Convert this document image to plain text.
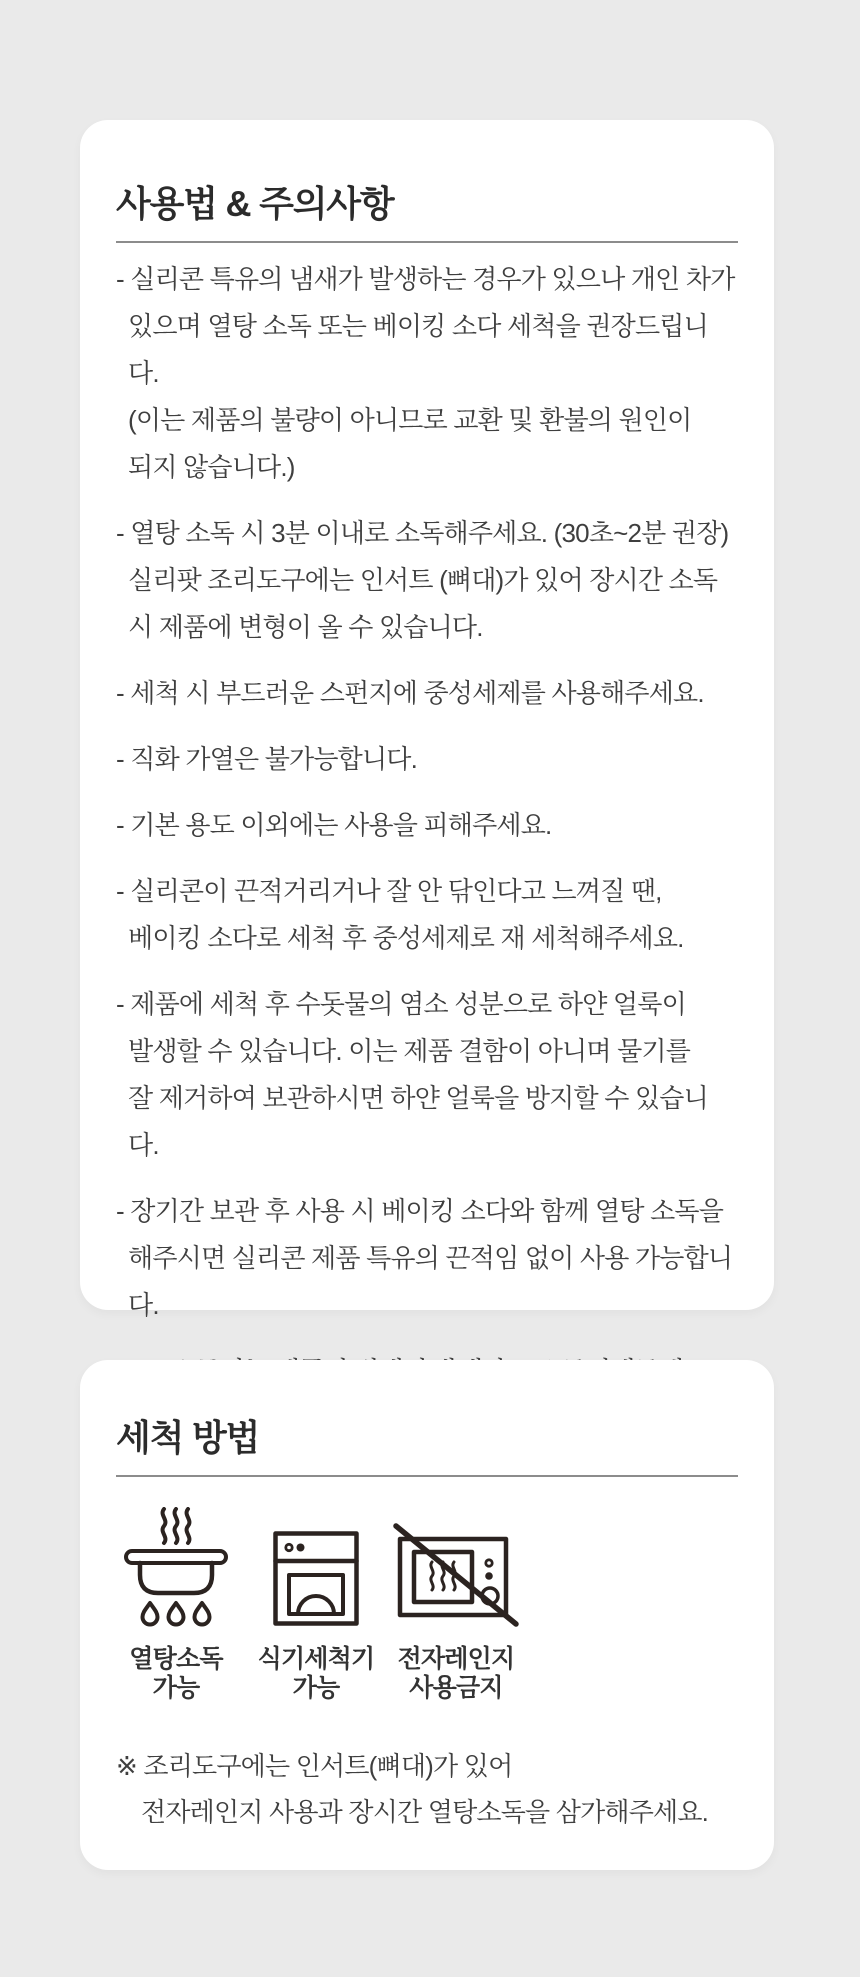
사용법 & 주의사항
- 실리콘 특유의 냄새가 발생하는 경우가 있으나 개인 차가
있으며 열탕 소독 또는 베이킹 소다 세척을 권장드립니다.
(이는 제품의 불량이 아니므로 교환 및 환불의 원인이
되지 않습니다.)
- 열탕 소독 시 3분 이내로 소독해주세요. (30초~2분 권장)
실리팟 조리도구에는 인서트 (뼈대)가 있어 장시간 소독
시 제품에 변형이 올 수 있습니다.
- 세척 시 부드러운 스펀지에 중성세제를 사용해주세요.
- 직화 가열은 불가능합니다.
- 기본 용도 이외에는 사용을 피해주세요.
- 실리콘이 끈적거리거나 잘 안 닦인다고 느껴질 땐,
베이킹 소다로 세척 후 중성세제로 재 세척해주세요.
- 제품에 세척 후 수돗물의 염소 성분으로 하얀 얼룩이
발생할 수 있습니다. 이는 제품 결함이 아니며 물기를
잘 제거하여 보관하시면 하얀 얼룩을 방지할 수 있습니다.
- 장기간 보관 후 사용 시 베이킹 소다와 함께 열탕 소독을
해주시면 실리콘 제품 특유의 끈적임 없이 사용 가능합니다.
세척 방법
열탕소독
가능
식기세척기
가능
전자레인지
사용금지
※ 조리도구에는 인서트(뼈대)가 있어
전자레인지 사용과 장시간 열탕소독을 삼가해주세요.
